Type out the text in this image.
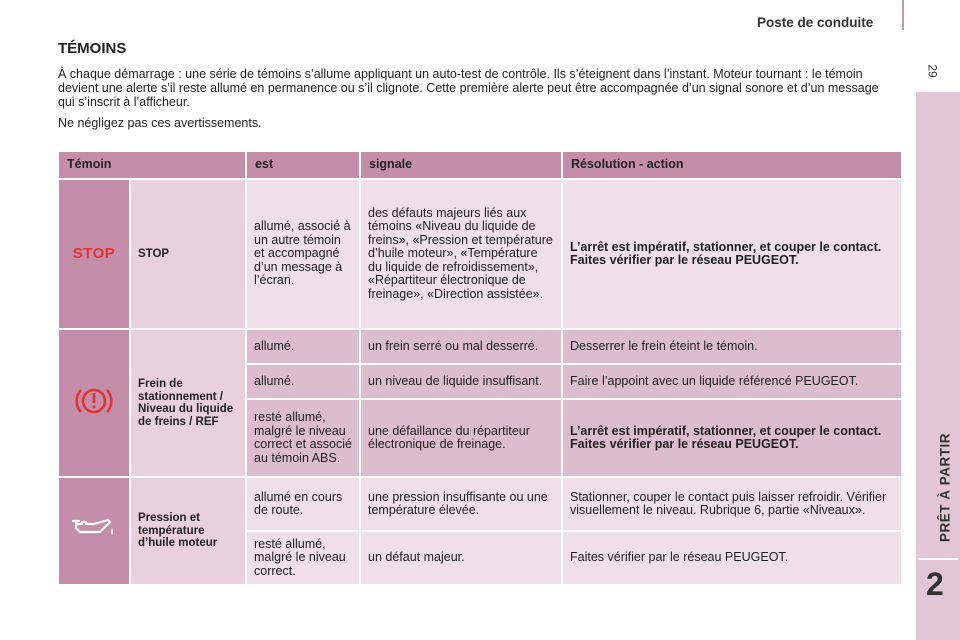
Poste de conduite
29
PRÊT À PARTIR
2
TÉMOINS

À chaque démarrage : une série de témoins s’allume appliquant un auto-test de contrôle. Ils s’éteignent dans l’instant. Moteur tournant : le témoin devient une alerte s’il reste allumé en permanence ou s’il clignote. Cette première alerte peut être accompagnée d’un signal sonore et d’un message qui s’inscrit à l’afficheur.

Ne négligez pas ces avertissements.

Témoin		est	signale	Résolution - action
STOP	STOP	allumé, associé à un autre témoin et accompagné d’un message à l’écran.	des défauts majeurs liés aux témoins «Niveau du liquide de freins», «Pression et température d’huile moteur», «Température du liquide de refroidissement», «Répartiteur électronique de freinage», «Direction assistée».	L’arrêt est impératif, stationner, et couper le contact. Faites vérifier par le réseau PEUGEOT.
	Frein de stationnement / Niveau du liquide de freins / REF	allumé.	un frein serré ou mal desserré.	Desserrer le frein éteint le témoin.
		allumé.	un niveau de liquide insuffisant.	Faire l’appoint avec un liquide référencé PEUGEOT.
		resté allumé, malgré le niveau correct et associé au témoin ABS.	une défaillance du répartiteur électronique de freinage.	L’arrêt est impératif, stationner, et couper le contact. Faites vérifier par le réseau PEUGEOT.
	Pression et température d’huile moteur	allumé en cours de route.	une pression insuffisante ou une température élevée.	Stationner, couper le contact puis laisser refroidir. Vérifier visuellement le niveau. Rubrique 6, partie «Niveaux».
		resté allumé, malgré le niveau correct.	un défaut majeur.	Faites vérifier par le réseau PEUGEOT.
